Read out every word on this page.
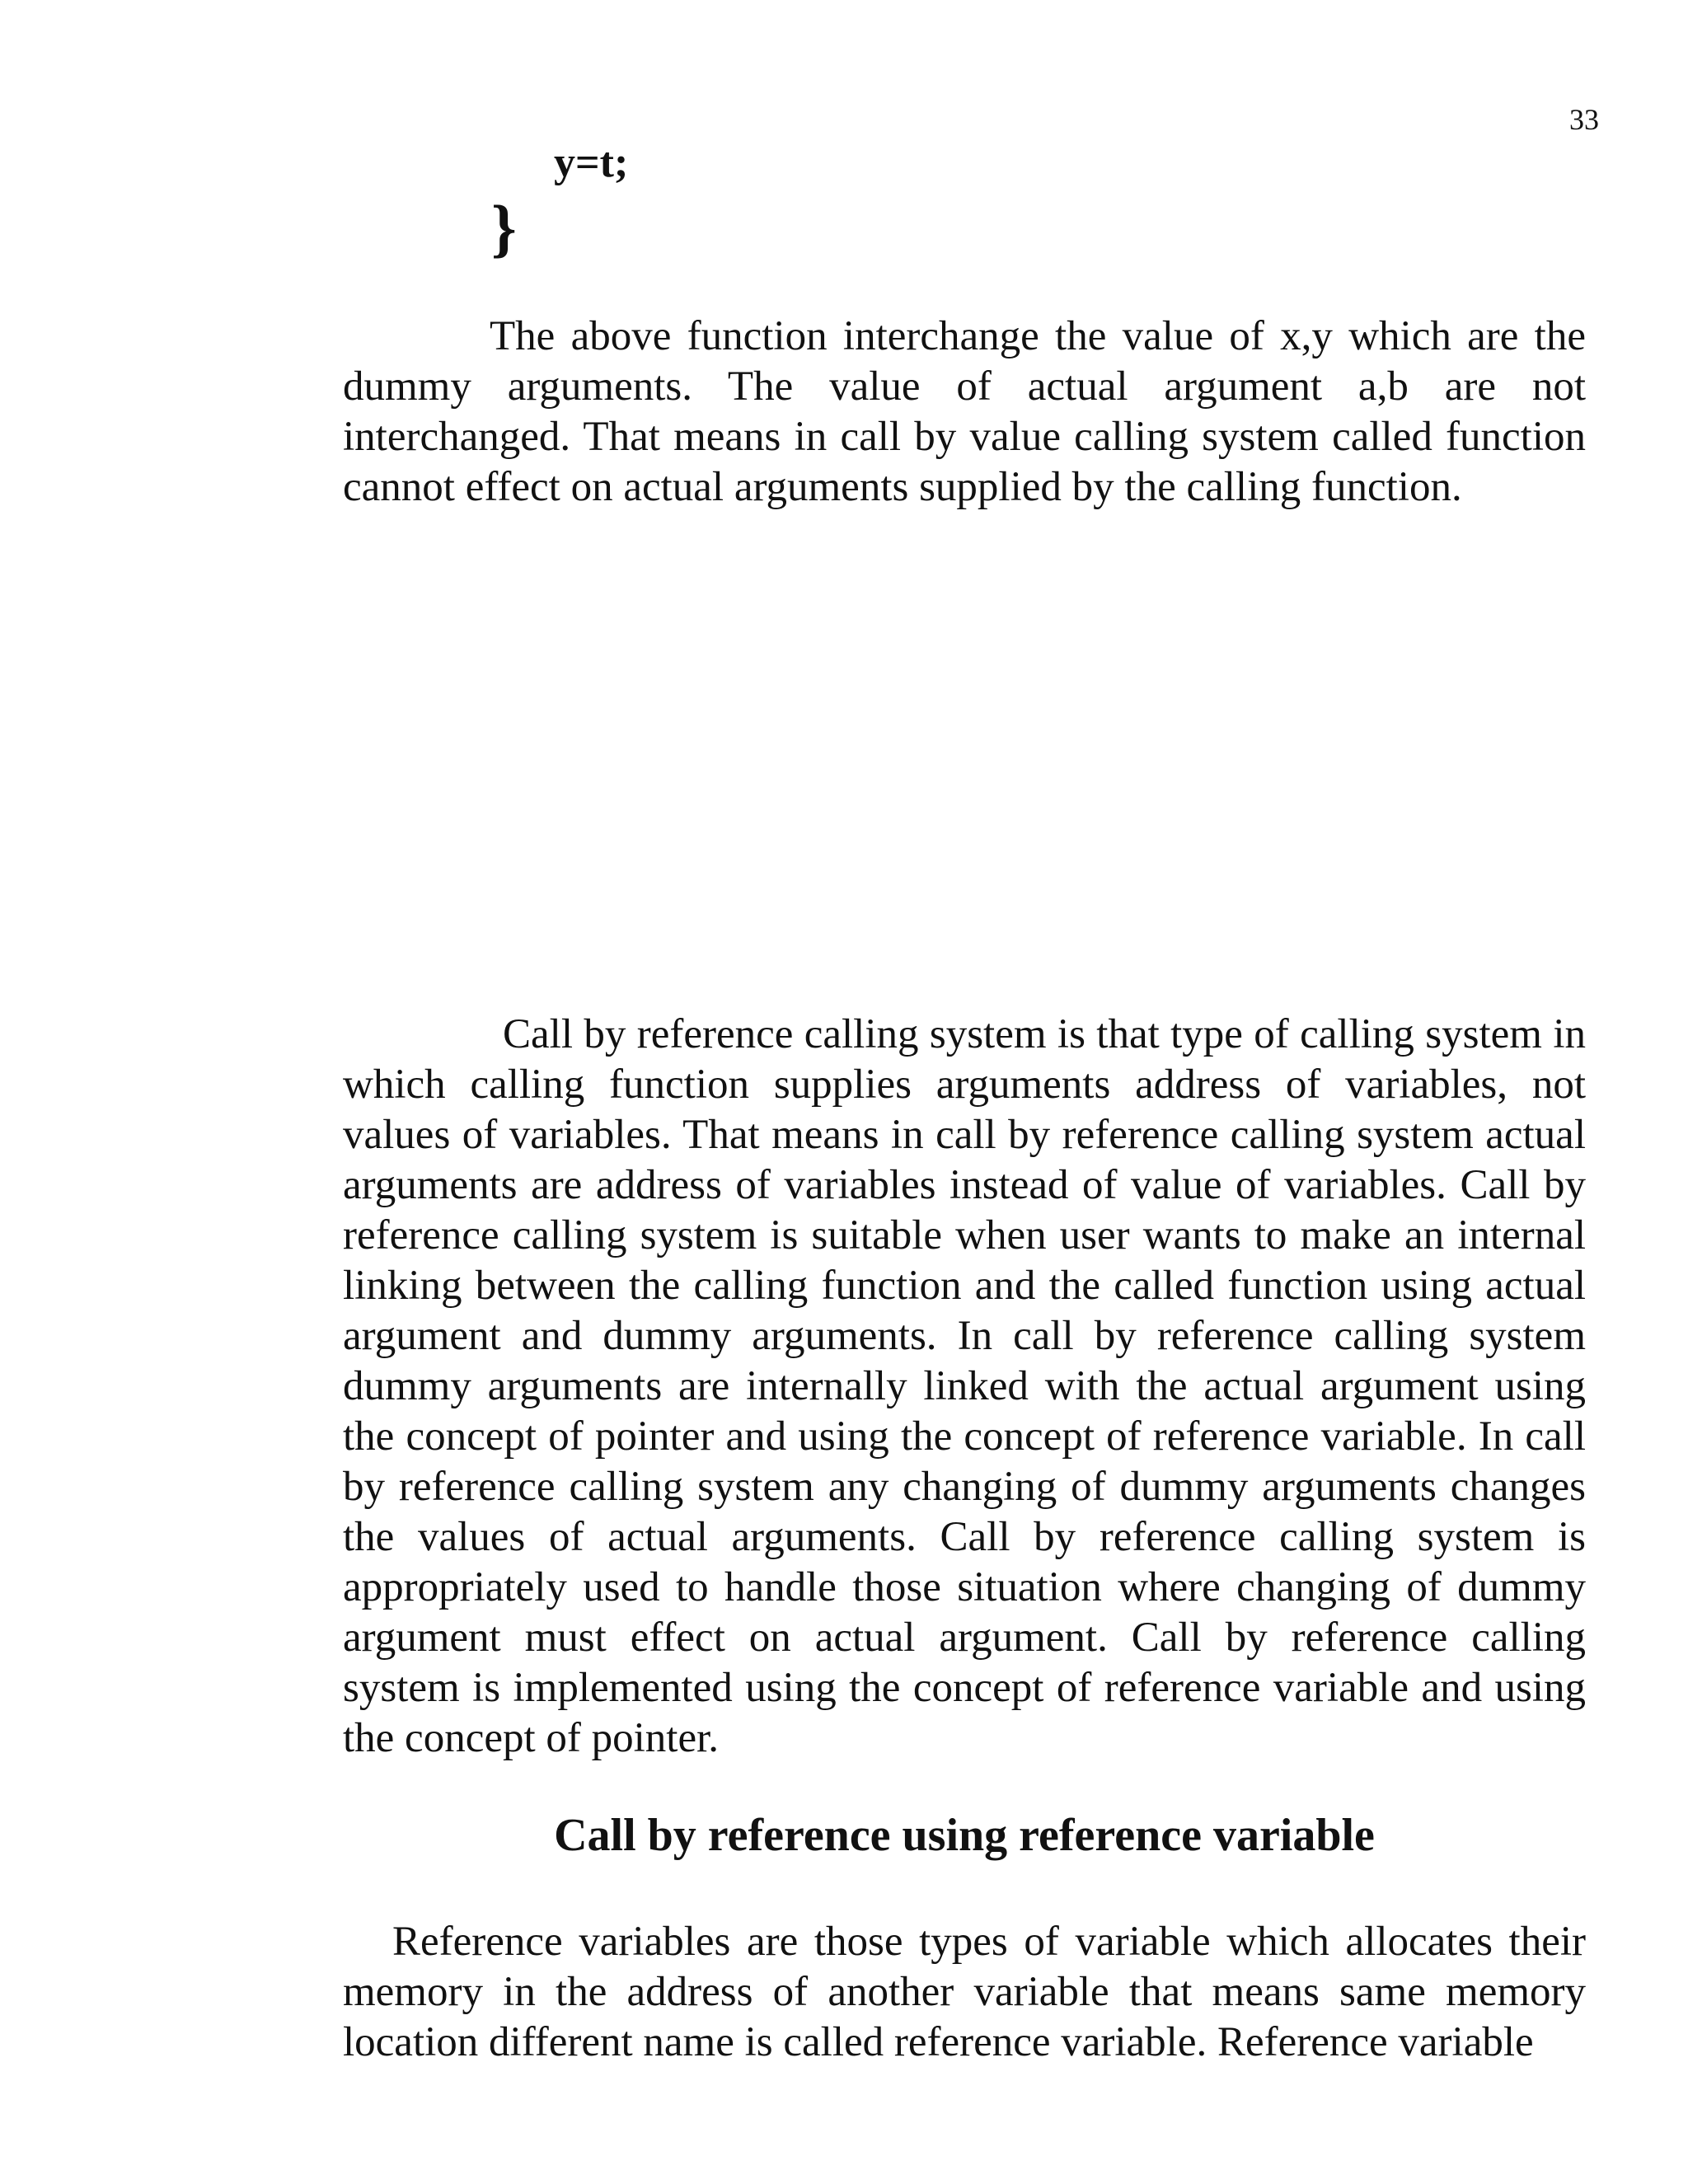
33
y=t;
}
The above function interchange the value of x,y which are the dummy arguments. The value of actual argument a,b are not interchanged. That means in call by value calling system called function cannot effect on actual arguments supplied by the calling function.
Call by reference calling system is that type of calling system in which calling function supplies arguments address of variables, not values of variables. That means in call by reference calling system actual arguments are address of variables instead of value of variables. Call by reference calling system is suitable when user wants to make an internal linking between the calling function and the called function using actual argument and dummy arguments. In call by reference calling system dummy arguments are internally linked with the actual argument using the concept of pointer and using the concept of reference variable. In call by reference calling system any changing of dummy arguments changes the values of actual arguments. Call by reference calling system is appropriately used to handle those situation where changing of dummy argument must effect on actual argument. Call by reference calling system is implemented using the concept of reference variable and using the concept of pointer.
Call by reference using reference variable
Reference variables are those types of variable which allocates their memory in the address of another variable that means same memory location different name is called reference variable. Reference variable
